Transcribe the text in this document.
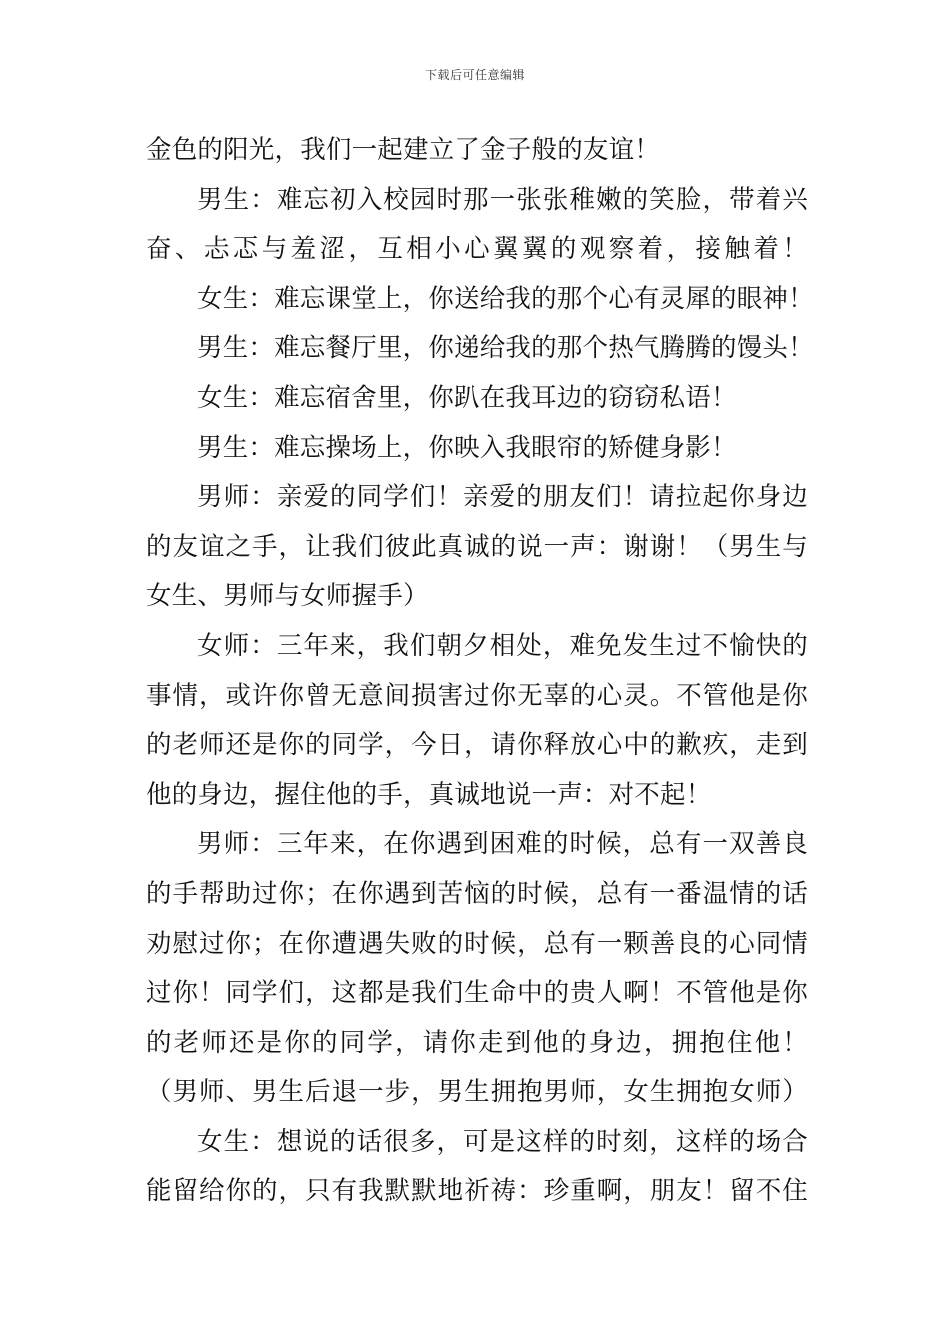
下载后可任意编辑
金色的阳光，我们一起建立了金子般的友谊！
男生：难忘初入校园时那一张张稚嫩的笑脸，带着兴
奋、忐忑与羞涩，互相小心翼翼的观察着，接触着！
女生：难忘课堂上，你送给我的那个心有灵犀的眼神！
男生：难忘餐厅里，你递给我的那个热气腾腾的馒头！
女生：难忘宿舍里，你趴在我耳边的窃窃私语！
男生：难忘操场上，你映入我眼帘的矫健身影！
男师：亲爱的同学们！亲爱的朋友们！请拉起你身边
的友谊之手，让我们彼此真诚的说一声：谢谢！（男生与
女生、男师与女师握手）
女师：三年来，我们朝夕相处，难免发生过不愉快的
事情，或许你曾无意间损害过你无辜的心灵。不管他是你
的老师还是你的同学，今日，请你释放心中的歉疚，走到
他的身边，握住他的手，真诚地说一声：对不起！
男师：三年来，在你遇到困难的时候，总有一双善良
的手帮助过你；在你遇到苦恼的时候，总有一番温情的话
劝慰过你；在你遭遇失败的时候，总有一颗善良的心同情
过你！同学们，这都是我们生命中的贵人啊！不管他是你
的老师还是你的同学，请你走到他的身边，拥抱住他！
（男师、男生后退一步，男生拥抱男师，女生拥抱女师）
女生：想说的话很多，可是这样的时刻，这样的场合
能留给你的，只有我默默地祈祷：珍重啊，朋友！留不住
